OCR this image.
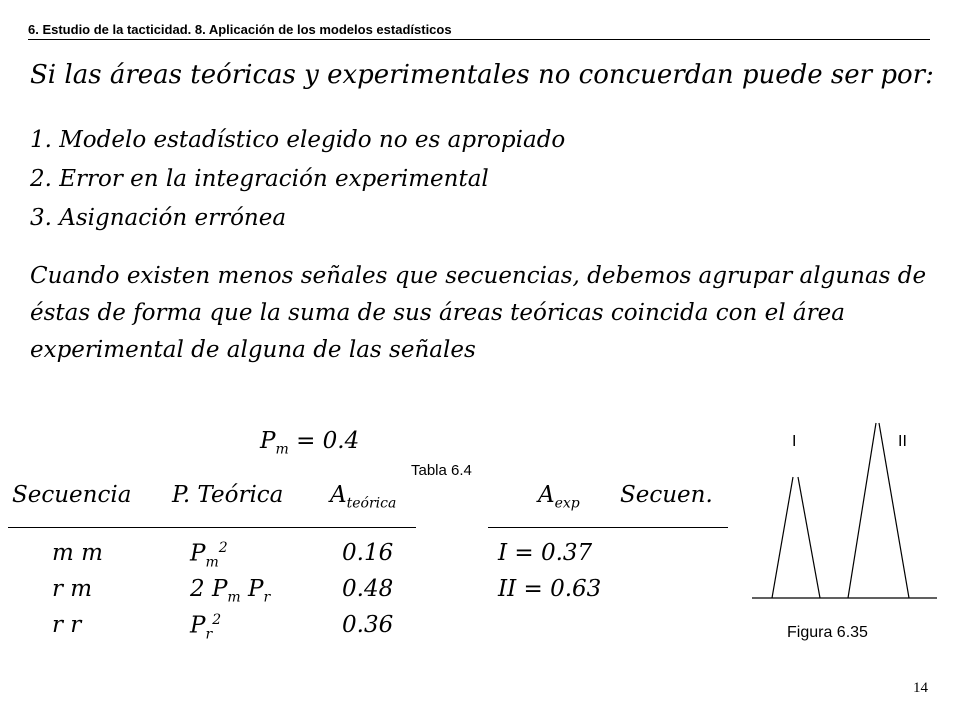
6. Estudio de la tacticidad. 8. Aplicación de los modelos estadísticos
Si las áreas teóricas y experimentales no concuerdan puede ser por:
1. Modelo estadístico elegido no es apropiado
2. Error en la integración experimental
3. Asignación errónea
Cuando existen menos señales que secuencias, debemos agrupar algunas de éstas de forma que la suma de sus áreas teóricas coincida con el área experimental de alguna de las señales
$P_m = 0.4$
Tabla 6.4
Secuencia P. Teórica $A_{teórica}$	$A_{exp}$ Secuen.
m m	$P_m^2$	0.16	I = 0.37
r m	2 $P_m$ $P_r$	0.48	II = 0.63
r r	$P_r^2$	0.36
I	II
Figura 6.35
14
